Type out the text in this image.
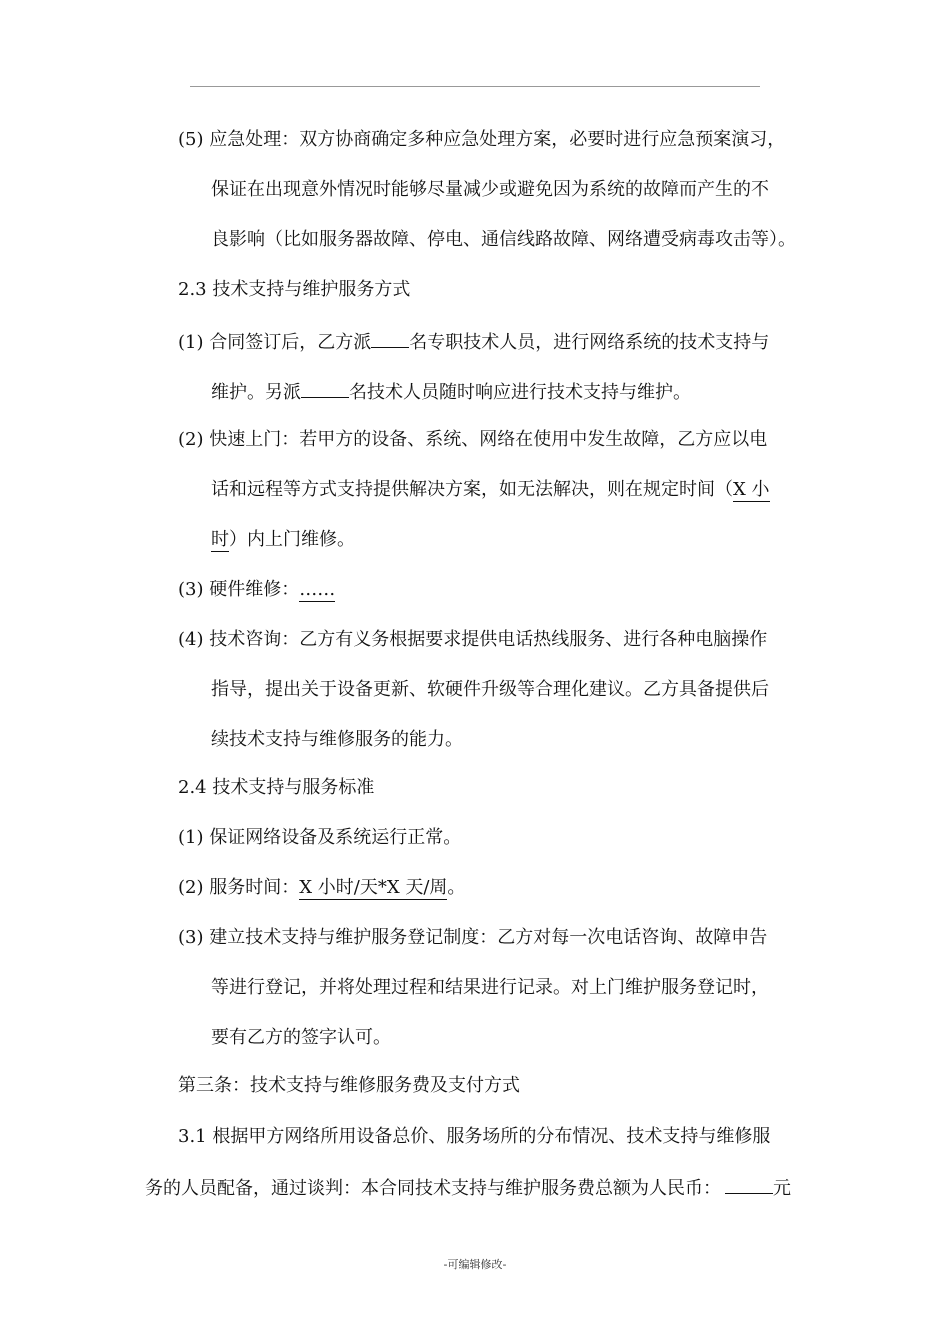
(5) 应急处理：双方协商确定多种应急处理方案，必要时进行应急预案演习，
保证在出现意外情况时能够尽量减少或避免因为系统的故障而产生的不
良影响（比如服务器故障、停电、通信线路故障、网络遭受病毒攻击等）。
2.3 技术支持与维护服务方式
(1) 合同签订后，乙方派 名专职技术人员，进行网络系统的技术支持与
维护。另派	名技术人员随时响应进行技术支持与维护。
(2) 快速上门：若甲方的设备、系统、网络在使用中发生故障，乙方应以电
话和远程等方式支持提供解决方案，如无法解决，则在规定时间（X 小
时）内上门维修。
(3) 硬件维修：……
(4) 技术咨询：乙方有义务根据要求提供电话热线服务、进行各种电脑操作
指导，提出关于设备更新、软硬件升级等合理化建议。乙方具备提供后
续技术支持与维修服务的能力。
2.4 技术支持与服务标准
(1) 保证网络设备及系统运行正常。
(2) 服务时间：X 小时/天*X 天/周。
(3) 建立技术支持与维护服务登记制度：乙方对每一次电话咨询、故障申告
等进行登记，并将处理过程和结果进行记录。对上门维护服务登记时，
要有乙方的签字认可。
第三条：技术支持与维修服务费及支付方式
3.1 根据甲方网络所用设备总价、服务场所的分布情况、技术支持与维修服
务的人员配备，通过谈判：本合同技术支持与维护服务费总额为人民币：	元
-可编辑修改-
